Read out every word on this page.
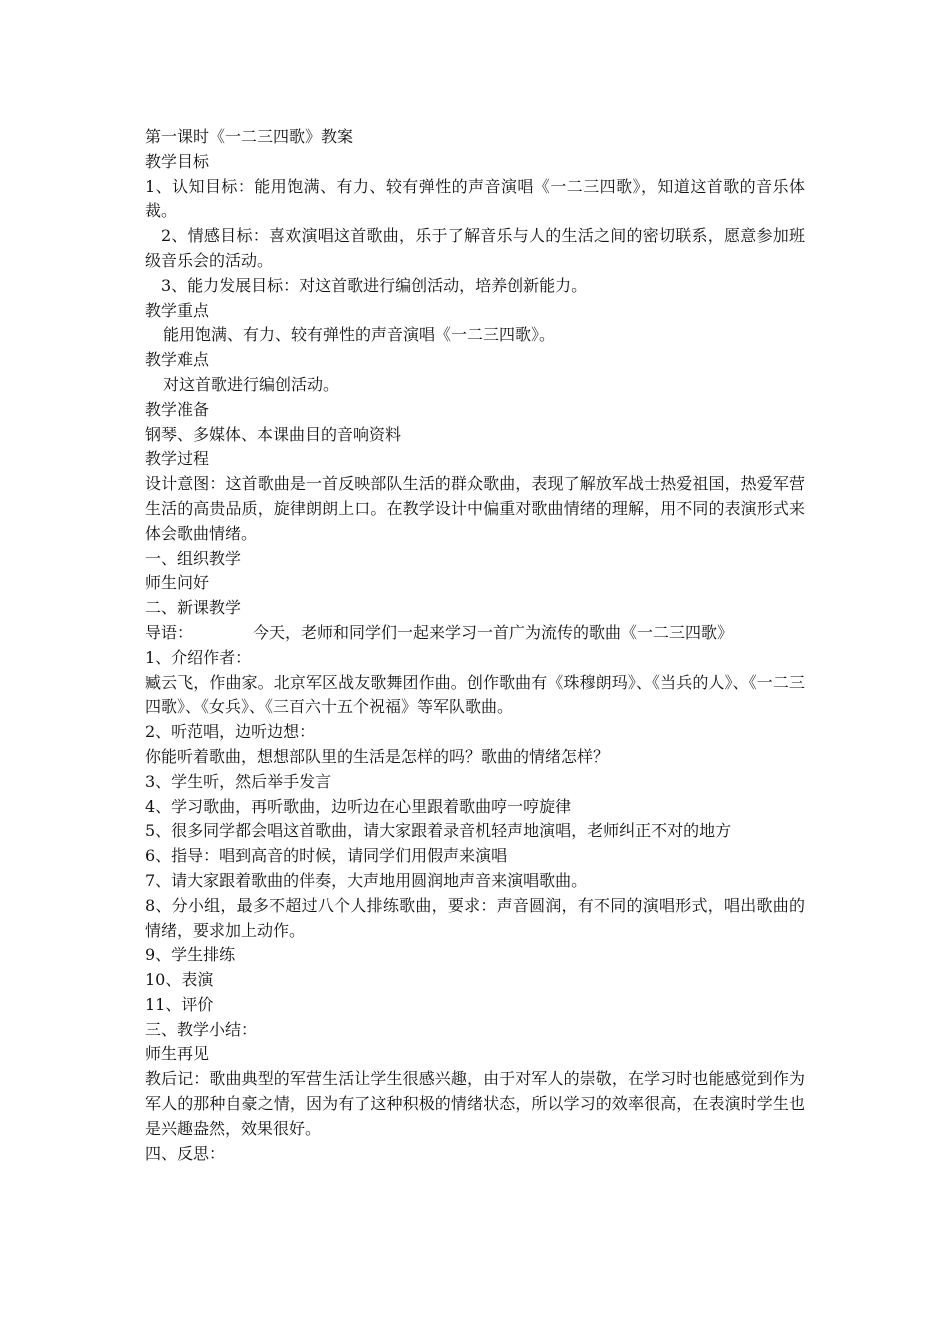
第一课时《一二三四歌》教案

教学目标

1、认知目标：能用饱满、有力、较有弹性的声音演唱《一二三四歌》，知道这首歌的音乐体裁。

2、情感目标：喜欢演唱这首歌曲，乐于了解音乐与人的生活之间的密切联系，愿意参加班级音乐会的活动。

3、能力发展目标：对这首歌进行编创活动，培养创新能力。

教学重点

能用饱满、有力、较有弹性的声音演唱《一二三四歌》。

教学难点

对这首歌进行编创活动。

教学准备

钢琴、多媒体、本课曲目的音响资料

教学过程

设计意图：这首歌曲是一首反映部队生活的群众歌曲，表现了解放军战士热爱祖国，热爱军营生活的高贵品质，旋律朗朗上口。在教学设计中偏重对歌曲情绪的理解，用不同的表演形式来体会歌曲情绪。

一、组织教学

师生问好

二、新课教学

导语：	今天，老师和同学们一起来学习一首广为流传的歌曲《一二三四歌》

1、介绍作者：

臧云飞，作曲家。北京军区战友歌舞团作曲。创作歌曲有《珠穆朗玛》、《当兵的人》、《一二三四歌》、《女兵》、《三百六十五个祝福》等军队歌曲。

2、听范唱，边听边想：

你能听着歌曲，想想部队里的生活是怎样的吗？歌曲的情绪怎样？

3、学生听，然后举手发言

4、学习歌曲，再听歌曲，边听边在心里跟着歌曲哼一哼旋律

5、很多同学都会唱这首歌曲，请大家跟着录音机轻声地演唱，老师纠正不对的地方

6、指导：唱到高音的时候，请同学们用假声来演唱

7、请大家跟着歌曲的伴奏，大声地用圆润地声音来演唱歌曲。

8、分小组，最多不超过八个人排练歌曲，要求：声音圆润，有不同的演唱形式，唱出歌曲的情绪，要求加上动作。

9、学生排练

10、表演

11、评价

三、教学小结：

师生再见

教后记：歌曲典型的军营生活让学生很感兴趣，由于对军人的崇敬，在学习时也能感觉到作为军人的那种自豪之情，因为有了这种积极的情绪状态，所以学习的效率很高，在表演时学生也是兴趣盎然，效果很好。

四、反思：
